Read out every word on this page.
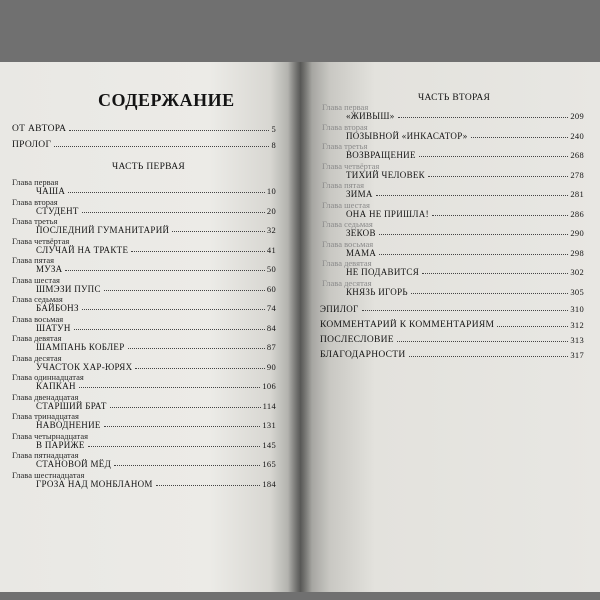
СОДЕРЖАНИЕ
ОТ АВТОРА	5
ПРОЛОГ	8
ЧАСТЬ ПЕРВАЯ
Глава первая
ЧАША	10
Глава вторая
СТУДЕНТ	20
Глава третья
ПОСЛЕДНИЙ ГУМАНИТАРИЙ	32
Глава четвёртая
СЛУЧАЙ НА ТРАКТЕ	41
Глава пятая
МУЗА	50
Глава шестая
ШМЭЗИ ПУПС	60
Глава седьмая
БАЙБОНЗ	74
Глава восьмая
ШАТУН	84
Глава девятая
ШАМПАНЬ КОБЛЕР	87
Глава десятая
УЧАСТОК ХАР-ЮРЯХ	90
Глава одиннадцатая
КАПКАН	106
Глава двенадцатая
СТАРШИЙ БРАТ	114
Глава тринадцатая
НАВОДНЕНИЕ	131
Глава четырнадцатая
В ПАРИЖЕ	145
Глава пятнадцатая
СТАНОВОЙ МЁД	165
Глава шестнадцатая
ГРОЗА НАД МОНБЛАНОМ	184
ЧАСТЬ ВТОРАЯ
Глава первая
«ЖИВЫШ»	209
Глава вторая
ПОЗЫВНОЙ «ИНКАСАТОР»	240
Глава третья
ВОЗВРАЩЕНИЕ	268
Глава четвёртая
ТИХИЙ ЧЕЛОВЕК	278
Глава пятая
ЗИМА	281
Глава шестая
ОНА НЕ ПРИШЛА!	286
Глава седьмая
ЗЕКОВ	290
Глава восьмая
МАМА	298
Глава девятая
НЕ ПОДАВИТСЯ	302
Глава десятая
КНЯЗЬ ИГОРЬ	305
ЭПИЛОГ	310
КОММЕНТАРИЙ К КОММЕНТАРИЯМ	312
ПОСЛЕСЛОВИЕ	313
БЛАГОДАРНОСТИ	317
